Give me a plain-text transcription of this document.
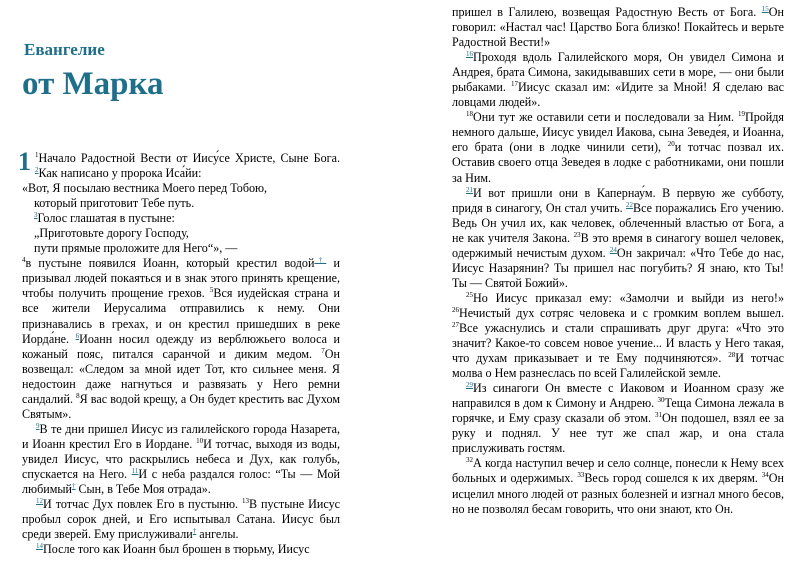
Евангелие
от Марка

1 $^1$Начало Радостной Вести от Иису́се Христе, Сыне Бога. $^2$Как написано у пророка Иса́йи:

«Вот, Я посылаю вестника Моего перед Тобою,
который приготовит Тебе путь.
$^3$Голос глашатая в пустыне:
„Приготовьте дорогу Господу,
пути прямые проложите для Него“», —

$^4$в пустыне появился Иоанн, который крестил водой† и призывал людей покаяться и в знак этого принять крещение, чтобы получить прощение грехов. $^5$Вся иудейская страна и все жители Иерусалима отправились к нему. Они признавались в грехах, и он крестил пришедших в реке Иорда́не. $^6$Иоанн носил одежду из верблюжьего волоса и кожаный пояс, питался саранчой и диким медом. $^7$Он возвещал: «Следом за мной идет Тот, кто сильнее меня. Я недостоин даже нагнуться и развязать у Него ремни сандалий. $^8$Я вас водой крещу, а Он будет крестить вас Духом Святым».

$^9$В те дни пришел Иисус из галилейского города Назарета, и Иоанн крестил Его в Иордане. $^{10}$И тотчас, выходя из воды, увидел Иисус, что раскрылись небеса и Дух, как голубь, спускается на Него. $^{11}$И с неба раздался голос: “Ты — Мой любимый† Сын, в Тебе Моя отрада».

$^{12}$И тотчас Дух повлек Его в пустыню. $^{13}$В пустыне Иисус пробыл сорок дней, и Его испытывал Сатана. Иисус был среди зверей. Ему прислуживали† ангелы.

$^{14}$После того как Иоанн был брошен в тюрьму, Иисус

пришел в Галилею, возвещая Радостную Весть от Бога. $^{15}$Он говорил: «Настал час! Царство Бога близко! Покайтесь и верьте Радостной Вести!»

$^{16}$Проходя вдоль Галилейского моря, Он увидел Симона и Андрея, брата Симона, закидывавших сети в море, — они были рыбаками. $^{17}$Иисус сказал им: «Идите за Мной! Я сделаю вас ловцами людей».

$^{18}$Они тут же оставили сети и последовали за Ним. $^{19}$Пройдя немного дальше, Иисус увидел Иакова, сына Зеведе́я, и Иоанна, его брата (они в лодке чинили сети), $^{20}$и тотчас позвал их. Оставив своего отца Зеведея в лодке с работниками, они пошли за Ним.

$^{21}$И вот пришли они в Капернау́м. В первую же субботу, придя в синагогу, Он стал учить. $^{22}$Все поражались Его учению. Ведь Он учил их, как человек, облеченный властью от Бога, а не как учителя Закона. $^{23}$В это время в синагогу вошел человек, одержимый нечистым духом. $^{24}$Он закричал: «Что Тебе до нас, Иисус Назарянин? Ты пришел нас погубить? Я знаю, кто Ты! Ты — Святой Божий».

$^{25}$Но Иисус приказал ему: «Замолчи и выйди из него!» $^{26}$Нечистый дух сотряс человека и с громким воплем вышел. $^{27}$Все ужаснулись и стали спрашивать друг друга: «Что это значит? Какое-то совсем новое учение... И власть у Него такая, что духам приказывает и те Ему подчиняются». $^{28}$И тотчас молва о Нем разнеслась по всей Галилейской земле.

$^{29}$Из синагоги Он вместе с Иаковом и Иоанном сразу же направился в дом к Симону и Андрею. $^{30}$Теща Симона лежала в горячке, и Ему сразу сказали об этом. $^{31}$Он подошел, взял ее за руку и поднял. У нее тут же спал жар, и она стала прислуживать гостям.

$^{32}$А когда наступил вечер и село солнце, понесли к Нему всех больных и одержимых. $^{33}$Весь город сошелся к их дверям. $^{34}$Он исцелил много людей от разных болезней и изгнал много бесов, но не позволял бесам говорить, что они знают, кто Он.
